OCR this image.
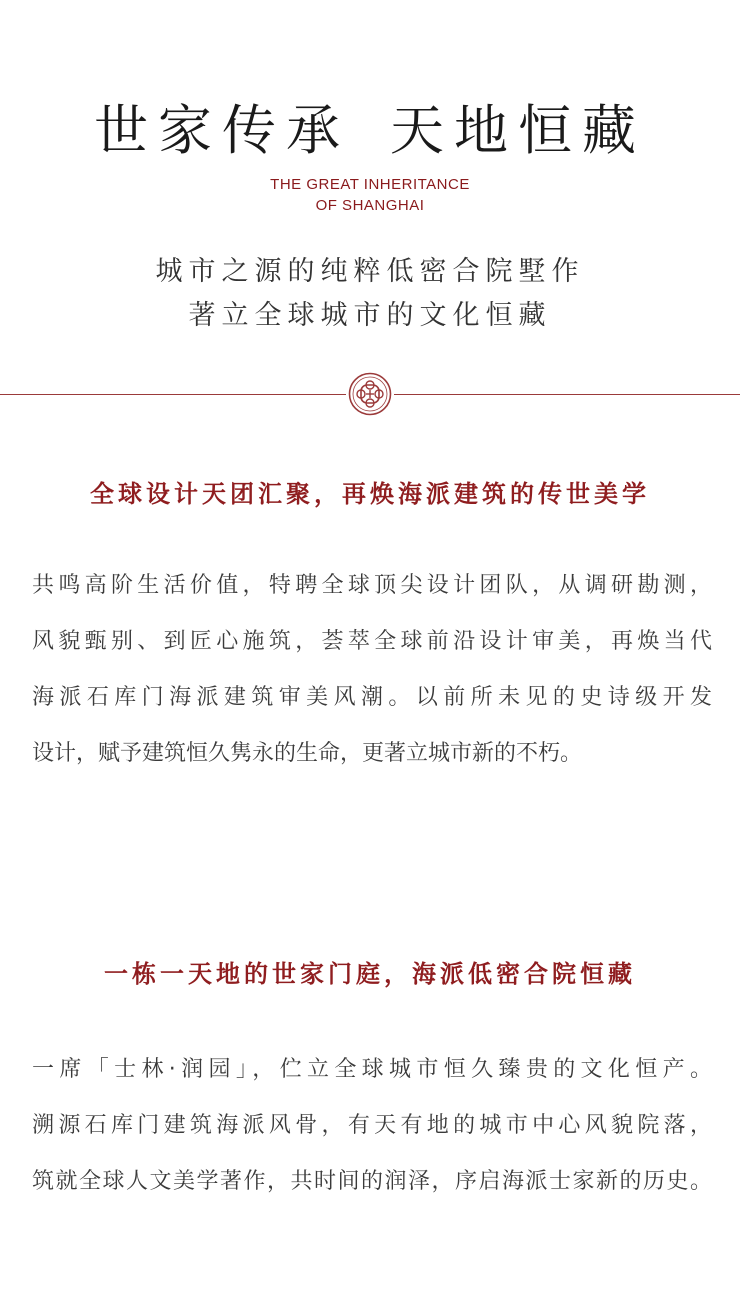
世家传承 天地恒藏
THE GREAT INHERITANCE
OF SHANGHAI
城市之源的纯粹低密合院墅作
著立全球城市的文化恒藏
全球设计天团汇聚，再焕海派建筑的传世美学
共鸣高阶生活价值，特聘全球顶尖设计团队，从调研勘测，
风貌甄别、到匠心施筑，荟萃全球前沿设计审美，再焕当代
海派石库门海派建筑审美风潮。以前所未见的史诗级开发
设计，赋予建筑恒久隽永的生命，更著立城市新的不朽。
一栋一天地的世家门庭，海派低密合院恒藏
一席「士林·润园」，伫立全球城市恒久臻贵的文化恒产。
溯源石库门建筑海派风骨，有天有地的城市中心风貌院落，
筑就全球人文美学著作，共时间的润泽，序启海派士家新的历史。
